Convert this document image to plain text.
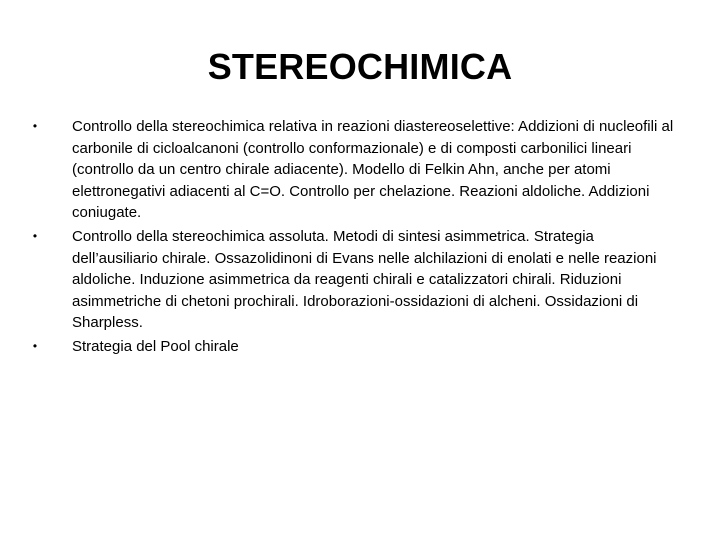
STEREOCHIMICA
• Controllo della stereochimica relativa in reazioni diastereoselettive: Addizioni di nucleofili al carbonile di cicloalcanoni (controllo conformazionale) e di composti carbonilici lineari (controllo da un centro chirale adiacente). Modello di Felkin Ahn, anche per atomi elettronegativi adiacenti al C=O. Controllo per chelazione. Reazioni aldoliche. Addizioni coniugate.
• Controllo della stereochimica assoluta. Metodi di sintesi asimmetrica. Strategia dell’ausiliario chirale. Ossazolidinoni di Evans nelle alchilazioni di enolati e nelle reazioni aldoliche. Induzione asimmetrica da reagenti chirali e catalizzatori chirali. Riduzioni asimmetriche di chetoni prochirali. Idroborazioni-ossidazioni di alcheni. Ossidazioni di Sharpless.
• Strategia del Pool chirale
